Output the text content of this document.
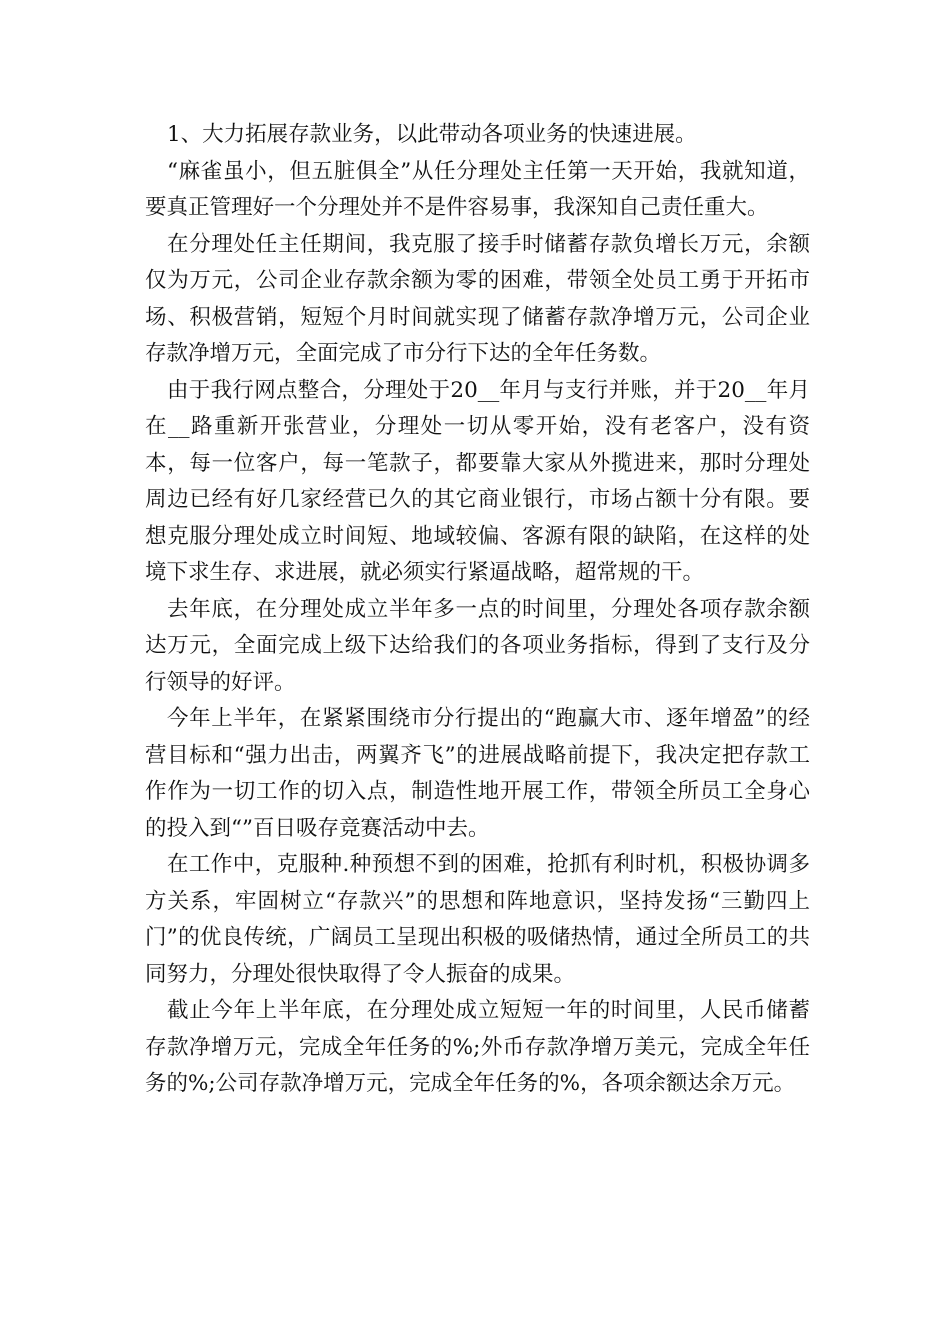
1、大力拓展存款业务，以此带动各项业务的快速进展。

“麻雀虽小，但五脏俱全”从任分理处主任第一天开始，我就知道，要真正管理好一个分理处并不是件容易事，我深知自己责任重大。

在分理处任主任期间，我克服了接手时储蓄存款负增长万元，余额仅为万元，公司企业存款余额为零的困难，带领全处员工勇于开拓市场、积极营销，短短个月时间就实现了储蓄存款净增万元，公司企业存款净增万元，全面完成了市分行下达的全年任务数。

由于我行网点整合，分理处于20__年月与支行并账，并于20__年月在__路重新开张营业，分理处一切从零开始，没有老客户，没有资本，每一位客户，每一笔款子，都要靠大家从外揽进来，那时分理处周边已经有好几家经营已久的其它商业银行，市场占额十分有限。要想克服分理处成立时间短、地域较偏、客源有限的缺陷，在这样的处境下求生存、求进展，就必须实行紧逼战略，超常规的干。

去年底，在分理处成立半年多一点的时间里，分理处各项存款余额达万元，全面完成上级下达给我们的各项业务指标，得到了支行及分行领导的好评。

今年上半年，在紧紧围绕市分行提出的“跑赢大市、逐年增盈”的经营目标和“强力出击，两翼齐飞”的进展战略前提下，我决定把存款工作作为一切工作的切入点，制造性地开展工作，带领全所员工全身心的投入到“”百日吸存竞赛活动中去。

在工作中，克服种.种预想不到的困难，抢抓有利时机，积极协调多方关系，牢固树立“存款兴”的思想和阵地意识，坚持发扬“三勤四上门”的优良传统，广阔员工呈现出积极的吸储热情，通过全所员工的共同努力，分理处很快取得了令人振奋的成果。

截止今年上半年底，在分理处成立短短一年的时间里，人民币储蓄存款净增万元，完成全年任务的%;外币存款净增万美元，完成全年任务的%;公司存款净增万元，完成全年任务的%，各项余额达余万元。
